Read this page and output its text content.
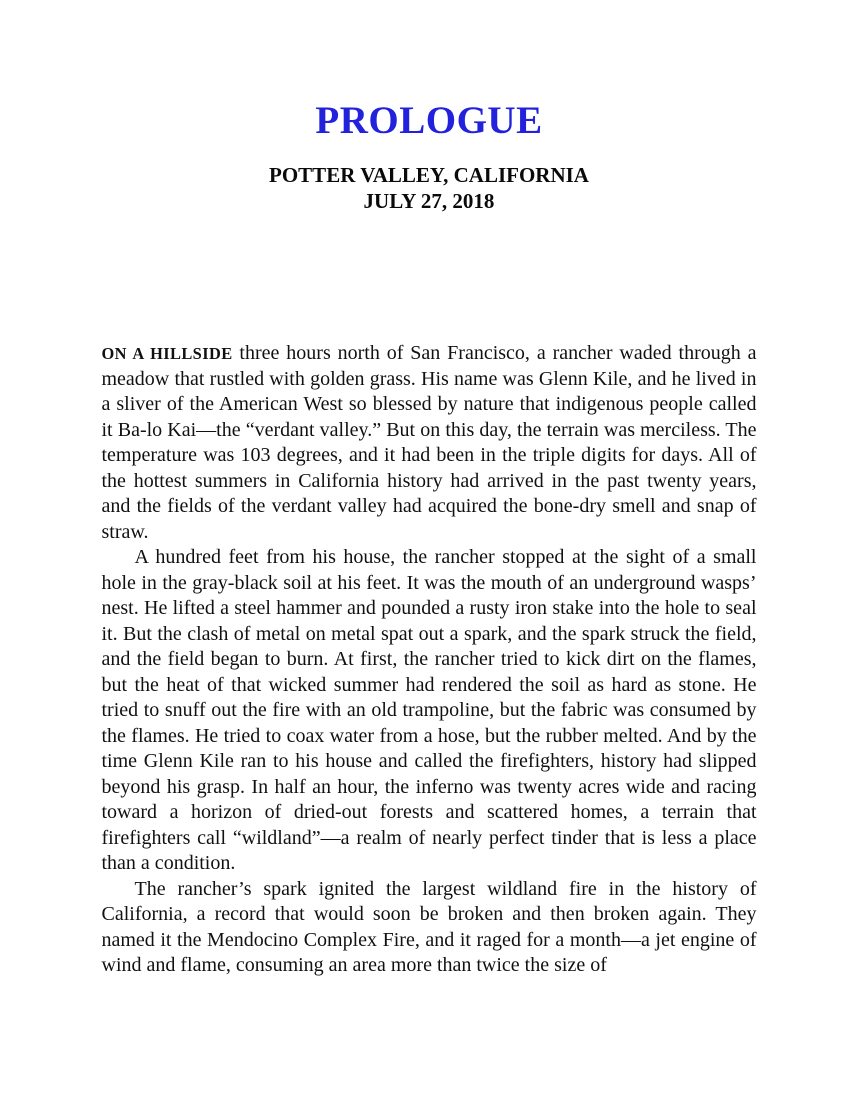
PROLOGUE
POTTER VALLEY, CALIFORNIA
JULY 27, 2018

ON A HILLSIDE three hours north of San Francisco, a rancher waded through a meadow that rustled with golden grass. His name was Glenn Kile, and he lived in a sliver of the American West so blessed by nature that indigenous people called it Ba-lo Kai—the “verdant valley.” But on this day, the terrain was merciless. The temperature was 103 degrees, and it had been in the triple digits for days. All of the hottest summers in California history had arrived in the past twenty years, and the fields of the verdant valley had acquired the bone-dry smell and snap of straw.

A hundred feet from his house, the rancher stopped at the sight of a small hole in the gray-black soil at his feet. It was the mouth of an underground wasps’ nest. He lifted a steel hammer and pounded a rusty iron stake into the hole to seal it. But the clash of metal on metal spat out a spark, and the spark struck the field, and the field began to burn. At first, the rancher tried to kick dirt on the flames, but the heat of that wicked summer had rendered the soil as hard as stone. He tried to snuff out the fire with an old trampoline, but the fabric was consumed by the flames. He tried to coax water from a hose, but the rubber melted. And by the time Glenn Kile ran to his house and called the firefighters, history had slipped beyond his grasp. In half an hour, the inferno was twenty acres wide and racing toward a horizon of dried-out forests and scattered homes, a terrain that firefighters call “wildland”—a realm of nearly perfect tinder that is less a place than a condition.

The rancher’s spark ignited the largest wildland fire in the history of California, a record that would soon be broken and then broken again. They named it the Mendocino Complex Fire, and it raged for a month—a jet engine of wind and flame, consuming an area more than twice the size of
